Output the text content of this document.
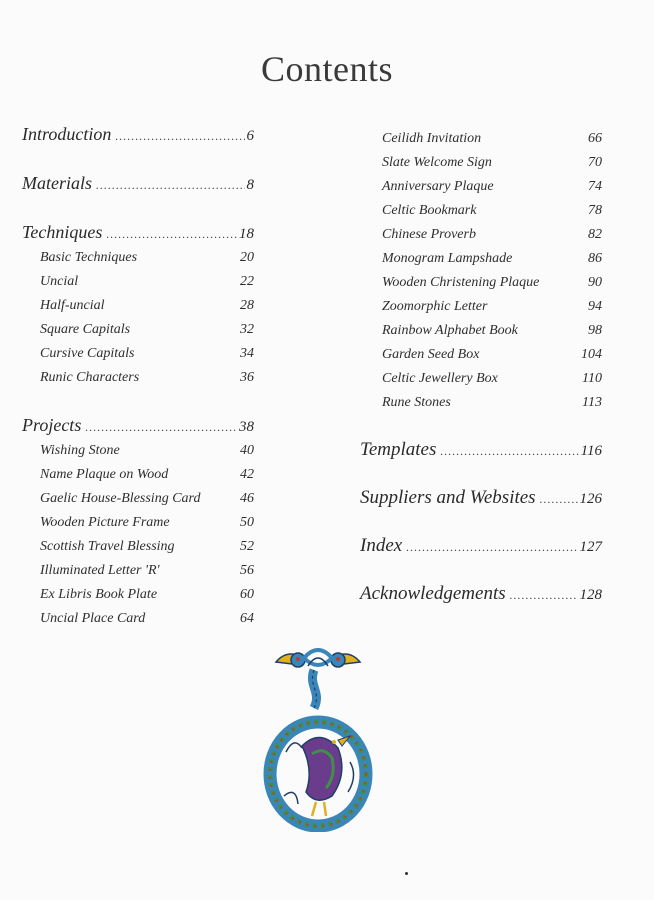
Contents
Introduction .....	6
Materials .....	8
Techniques .....	18
Basic Techniques	20
Uncial	22
Half-uncial	28
Square Capitals	32
Cursive Capitals	34
Runic Characters	36
Projects .....	38
Wishing Stone	40
Name Plaque on Wood	42
Gaelic House-Blessing Card	46
Wooden Picture Frame	50
Scottish Travel Blessing	52
Illuminated Letter 'R'	56
Ex Libris Book Plate	60
Uncial Place Card	64
Ceilidh Invitation	66
Slate Welcome Sign	70
Anniversary Plaque	74
Celtic Bookmark	78
Chinese Proverb	82
Monogram Lampshade	86
Wooden Christening Plaque	90
Zoomorphic Letter	94
Rainbow Alphabet Book	98
Garden Seed Box	104
Celtic Jewellery Box	110
Rune Stones	113
Templates .....	116
Suppliers and Websites .....	126
Index .....	127
Acknowledgements .....	128
